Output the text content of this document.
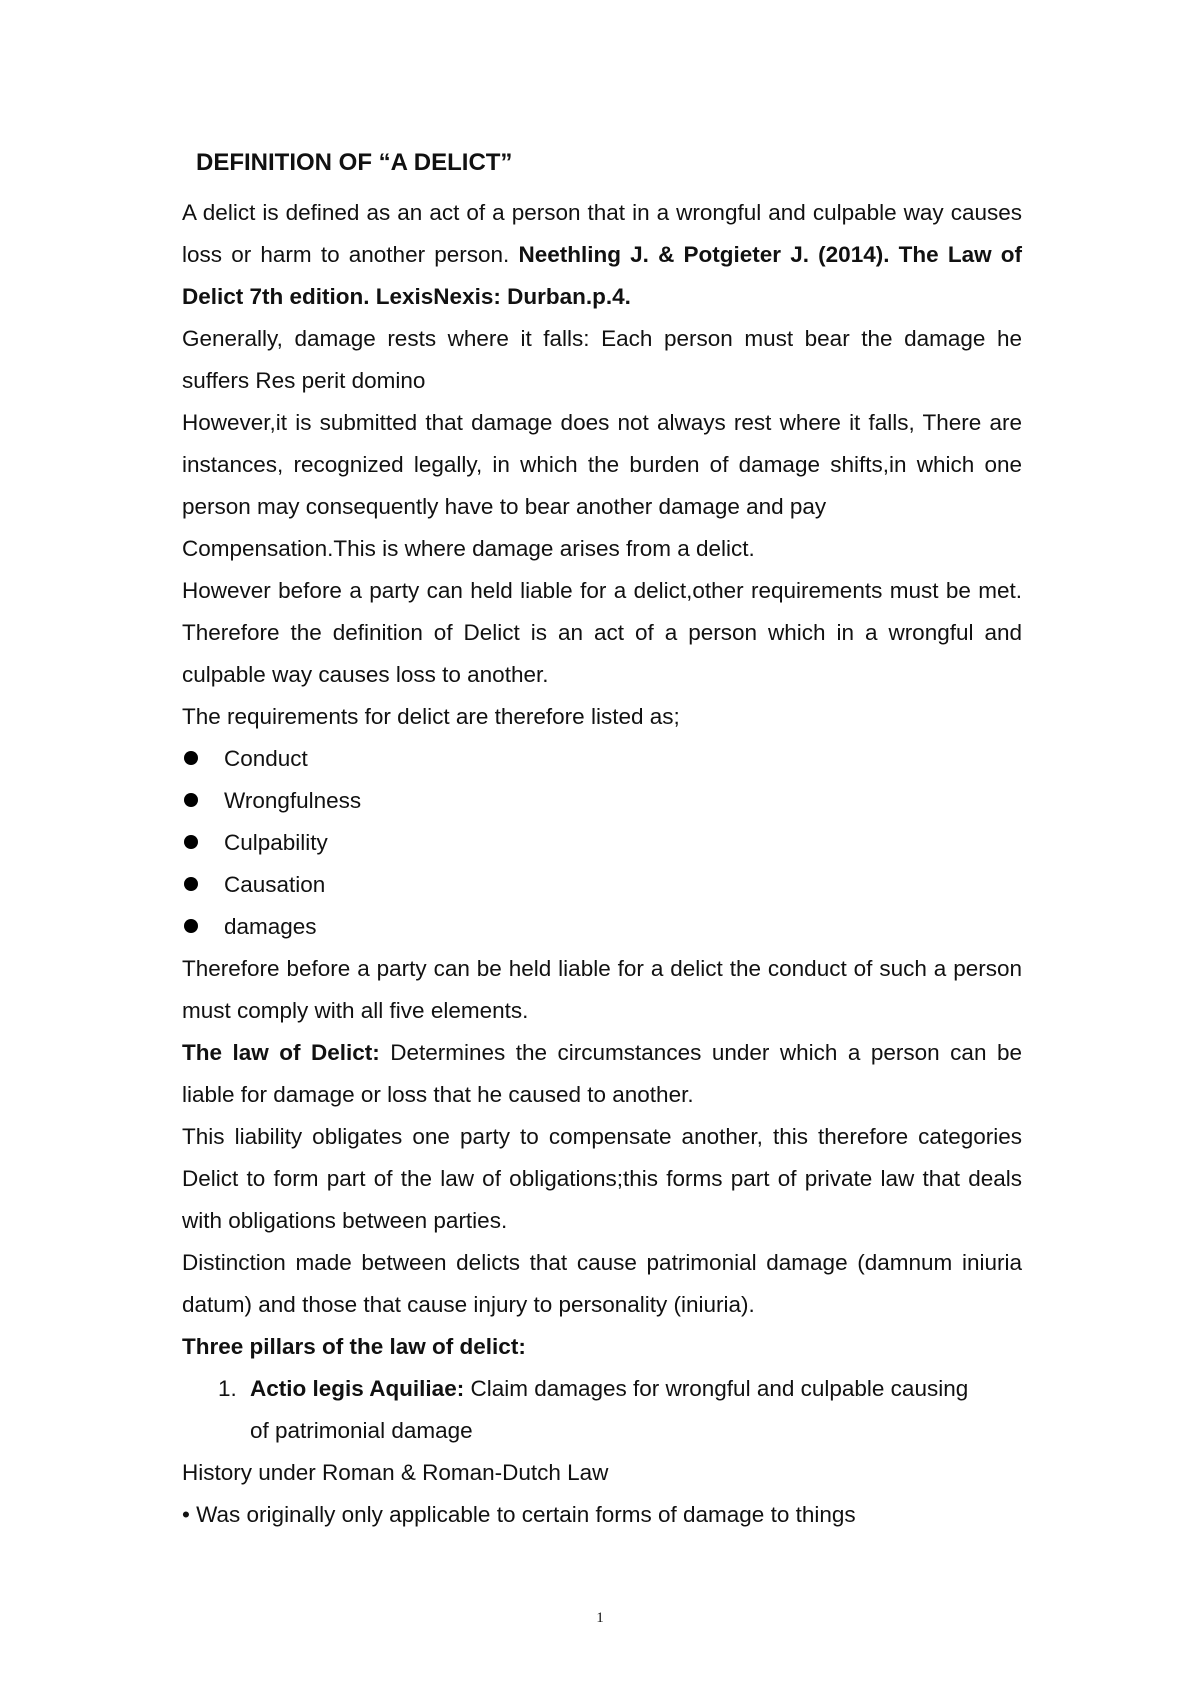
DEFINITION OF “A DELICT”

A delict is defined as an act of a person that in a wrongful and culpable way causes loss or harm to another person. Neethling J. & Potgieter J. (2014). The Law of Delict 7th edition. LexisNexis: Durban.p.4.

Generally, damage rests where it falls: Each person must bear the damage he suffers Res perit domino

However,it is submitted that damage does not always rest where it falls, There are instances, recognized legally, in which the burden of damage shifts,in which one person may consequently have to bear another damage and pay

Compensation.This is where damage arises from a delict.

However before a party can held liable for a delict,other requirements must be met. Therefore the definition of Delict is an act of a person which in a wrongful and culpable way causes loss to another.

The requirements for delict are therefore listed as;

Conduct
Wrongfulness
Culpability
Causation
damages

Therefore before a party can be held liable for a delict the conduct of such a person must comply with all five elements.

The law of Delict: Determines the circumstances under which a person can be liable for damage or loss that he caused to another.

This liability obligates one party to compensate another, this therefore categories Delict to form part of the law of obligations;this forms part of private law that deals with obligations between parties.

Distinction made between delicts that cause patrimonial damage (damnum iniuria datum) and those that cause injury to personality (iniuria).

Three pillars of the law of delict:

1. Actio legis Aquiliae: Claim damages for wrongful and culpable causing
of patrimonial damage

History under Roman & Roman-Dutch Law

• Was originally only applicable to certain forms of damage to things

1
